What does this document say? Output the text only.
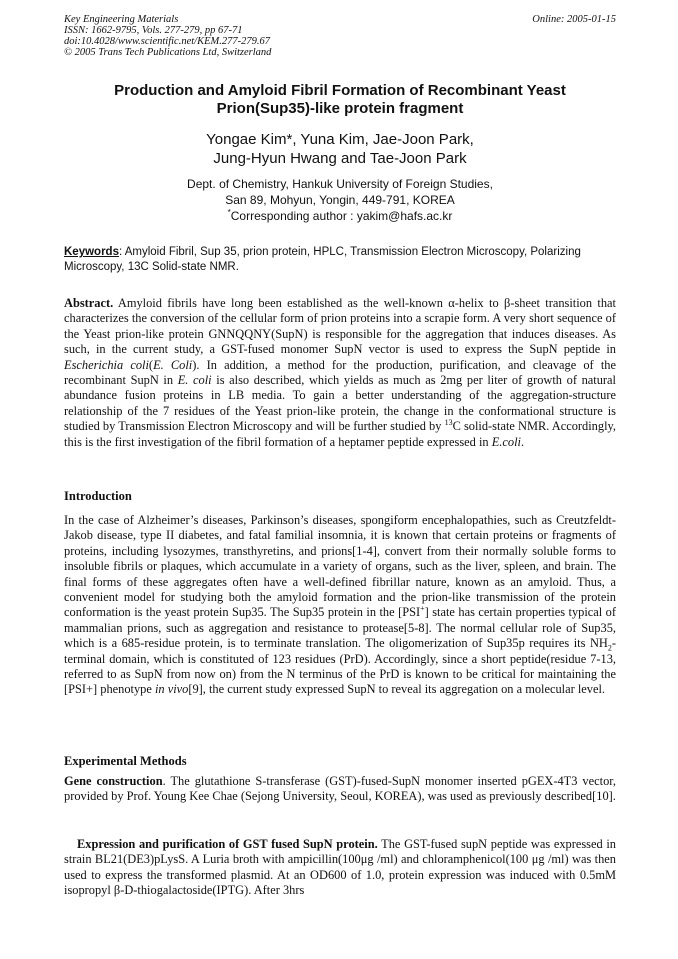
Key Engineering Materials
ISSN: 1662-9795, Vols. 277-279, pp 67-71
doi:10.4028/www.scientific.net/KEM.277-279.67
© 2005 Trans Tech Publications Ltd, Switzerland
Online: 2005-01-15
Production and Amyloid Fibril Formation of Recombinant Yeast
Prion(Sup35)-like protein fragment
Yongae Kim*, Yuna Kim, Jae-Joon Park,
Jung-Hyun Hwang and Tae-Joon Park
Dept. of Chemistry, Hankuk University of Foreign Studies,
San 89, Mohyun, Yongin, 449-791, KOREA
*Corresponding author : yakim@hafs.ac.kr
Keywords: Amyloid Fibril, Sup 35, prion protein, HPLC, Transmission Electron Microscopy, Polarizing Microscopy, 13C Solid-state NMR.
Abstract. Amyloid fibrils have long been established as the well-known α-helix to β-sheet transition that characterizes the conversion of the cellular form of prion proteins into a scrapie form. A very short sequence of the Yeast prion-like protein GNNQQNY(SupN) is responsible for the aggregation that induces diseases. As such, in the current study, a GST-fused monomer SupN vector is used to express the SupN peptide in Escherichia coli(E. Coli). In addition, a method for the production, purification, and cleavage of the recombinant SupN in E. coli is also described, which yields as much as 2mg per liter of growth of natural abundance fusion proteins in LB media. To gain a better understanding of the aggregation-structure relationship of the 7 residues of the Yeast prion-like protein, the change in the conformational structure is studied by Transmission Electron Microscopy and will be further studied by $^{13}$C solid-state NMR. Accordingly, this is the first investigation of the fibril formation of a heptamer peptide expressed in E.coli.
Introduction
In the case of Alzheimer’s diseases, Parkinson’s diseases, spongiform encephalopathies, such as Creutzfeldt-Jakob disease, type II diabetes, and fatal familial insomnia, it is known that certain proteins or fragments of proteins, including lysozymes, transthyretins, and prions[1-4], convert from their normally soluble forms to insoluble fibrils or plaques, which accumulate in a variety of organs, such as the liver, spleen, and brain. The final forms of these aggregates often have a well-defined fibrillar nature, known as an amyloid. Thus, a convenient model for studying both the amyloid formation and the prion-like transmission of the protein conformation is the yeast protein Sup35. The Sup35 protein in the [PSI+] state has certain properties typical of mammalian prions, such as aggregation and resistance to protease[5-8]. The normal cellular role of Sup35, which is a 685-residue protein, is to terminate translation. The oligomerization of Sup35p requires its $NH_2$-terminal domain, which is constituted of 123 residues (PrD). Accordingly, since a short peptide(residue 7-13, referred to as SupN from now on) from the N terminus of the PrD is known to be critical for maintaining the [PSI+] phenotype in vivo[9], the current study expressed SupN to reveal its aggregation on a molecular level.
Experimental Methods
Gene construction. The glutathione S-transferase (GST)-fused-SupN monomer inserted pGEX-4T3 vector, provided by Prof. Young Kee Chae (Sejong University, Seoul, KOREA), was used as previously described[10].
Expression and purification of GST fused SupN protein. The GST-fused supN peptide was expressed in strain BL21(DE3)pLysS. A Luria broth with ampicillin(100μg /ml) and chloramphenicol(100 μg /ml) was then used to express the transformed plasmid. At an OD600 of 1.0, protein expression was induced with 0.5mM isopropyl β-D-thiogalactoside(IPTG). After 3hrs
